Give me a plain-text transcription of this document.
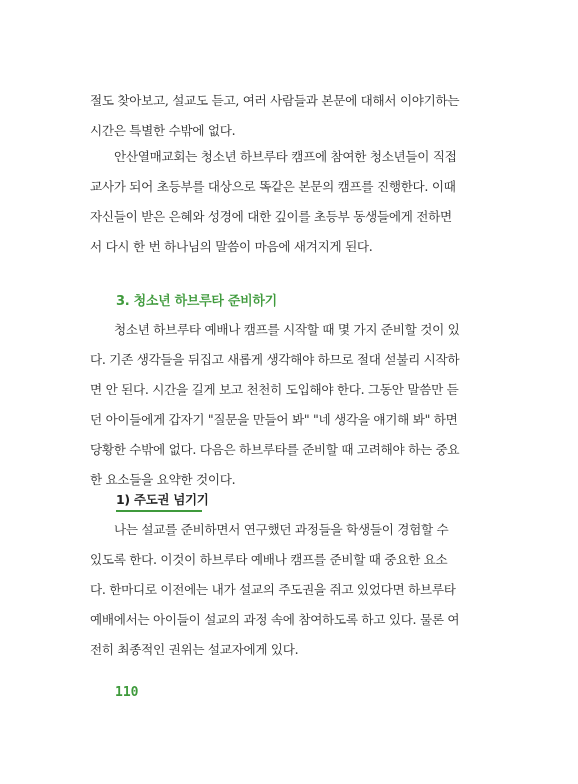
절도 찾아보고, 설교도 듣고, 여러 사람들과 본문에 대해서 이야기하는
시간은 특별한 수밖에 없다.
안산열매교회는 청소년 하브루타 캠프에 참여한 청소년들이 직접
교사가 되어 초등부를 대상으로 똑같은 본문의 캠프를 진행한다. 이때
자신들이 받은 은혜와 성경에 대한 깊이를 초등부 동생들에게 전하면
서 다시 한 번 하나님의 말씀이 마음에 새겨지게 된다.
3. 청소년 하브루타 준비하기
청소년 하브루타 예배나 캠프를 시작할 때 몇 가지 준비할 것이 있
다. 기존 생각들을 뒤집고 새롭게 생각해야 하므로 절대 섣불리 시작하
면 안 된다. 시간을 길게 보고 천천히 도입해야 한다. 그동안 말씀만 듣
던 아이들에게 갑자기 "질문을 만들어 봐" "네 생각을 얘기해 봐" 하면
당황한 수밖에 없다. 다음은 하브루타를 준비할 때 고려해야 하는 중요
한 요소들을 요약한 것이다.
1) 주도권 넘기기
나는 설교를 준비하면서 연구했던 과정들을 학생들이 경험할 수
있도록 한다. 이것이 하브루타 예배나 캠프를 준비할 때 중요한 요소
다. 한마디로 이전에는 내가 설교의 주도권을 쥐고 있었다면 하브루타
예배에서는 아이들이 설교의 과정 속에 참여하도록 하고 있다. 물론 여
전히 최종적인 권위는 설교자에게 있다.
110
